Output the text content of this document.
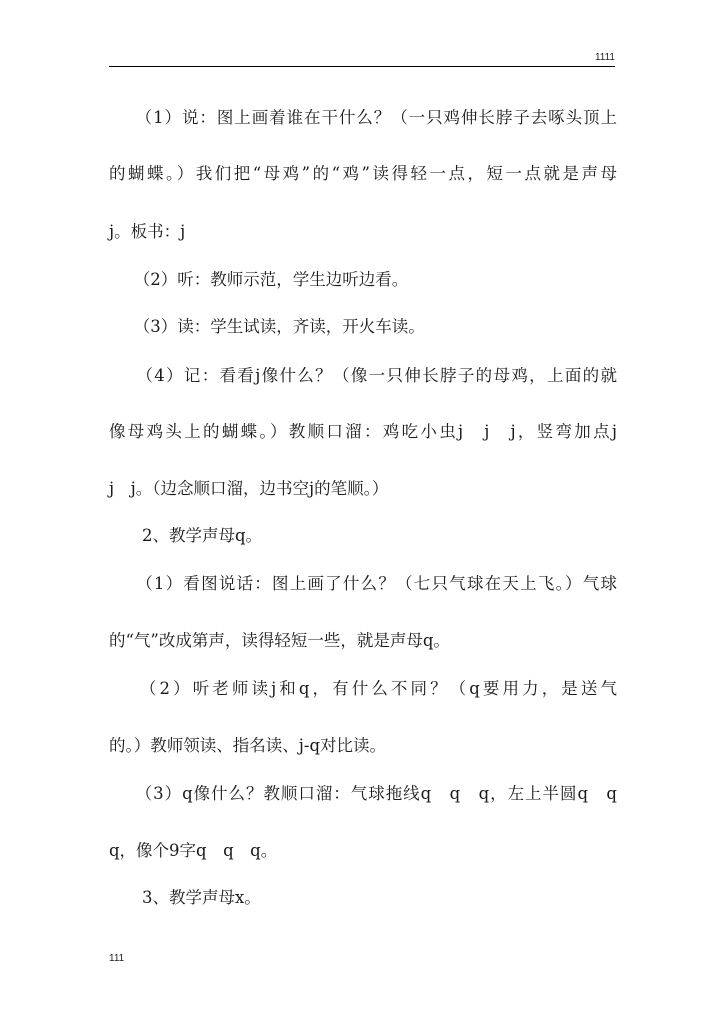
1111
　　（1）说：图上画着谁在干什么？（一只鸡伸长脖子去啄头顶上
的蝴蝶。）我们把“母鸡”的“鸡”读得轻一点，短一点就是声母
j。板书：j
　　（2）听：教师示范，学生边听边看。
　　（3）读：学生试读，齐读，开火车读。
　　（4）记：看看j像什么？（像一只伸长脖子的母鸡，上面的就
像母鸡头上的蝴蝶。）教顺口溜：鸡吃小虫j　j　j，竖弯加点j
j　j。（边念顺口溜，边书空j的笔顺。）
　　2、教学声母q。
　　（1）看图说话：图上画了什么？（七只气球在天上飞。）气球
的“气”改成第声，读得轻短一些，就是声母q。
　　（2）听老师读j和q，有什么不同？（q要用力，是送气
的。）教师领读、指名读、j-q对比读。
　　（3）q像什么？教顺口溜：气球拖线q　q　q，左上半圆q　q
q，像个9字q　q　q。
　　3、教学声母x。
111
